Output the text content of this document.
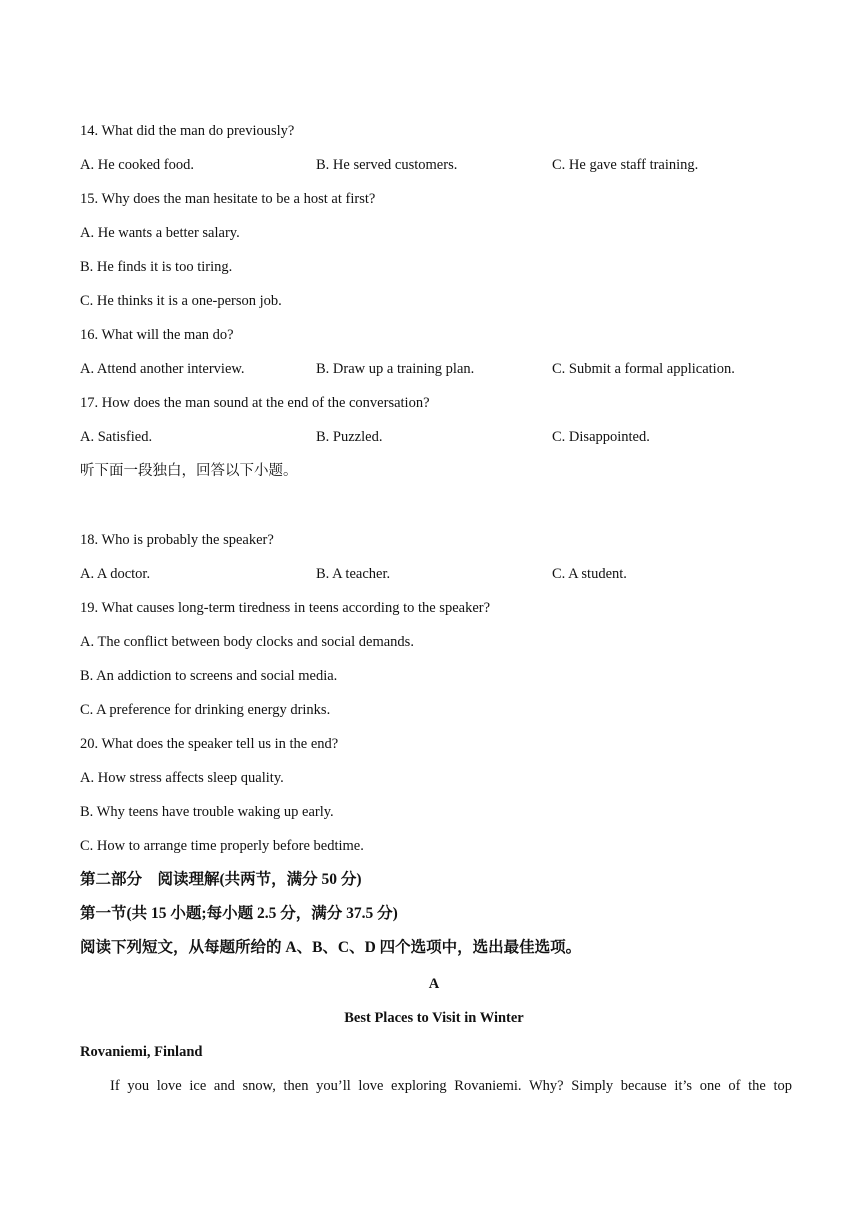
14. What did the man do previously?
A. He cooked food.	B. He served customers.	C. He gave staff training.
15. Why does the man hesitate to be a host at first?
A. He wants a better salary.
B. He finds it is too tiring.
C. He thinks it is a one-person job.
16. What will the man do?
A. Attend another interview.	B. Draw up a training plan.	C. Submit a formal application.
17. How does the man sound at the end of the conversation?
A. Satisfied.	B. Puzzled.	C. Disappointed.
听下面一段独白，回答以下小题。
18. Who is probably the speaker?
A. A doctor.	B. A teacher.	C. A student.
19. What causes long-term tiredness in teens according to the speaker?
A. The conflict between body clocks and social demands.
B. An addiction to screens and social media.
C. A preference for drinking energy drinks.
20. What does the speaker tell us in the end?
A. How stress affects sleep quality.
B. Why teens have trouble waking up early.
C. How to arrange time properly before bedtime.
第二部分　阅读理解(共两节，满分 50 分)
第一节(共 15 小题;每小题 2.5 分，满分 37.5 分)
阅读下列短文，从每题所给的 A、B、C、D 四个选项中，选出最佳选项。
A
Best Places to Visit in Winter
Rovaniemi, Finland
If you love ice and snow, then you’ll love exploring Rovaniemi. Why? Simply because it’s one of the top
